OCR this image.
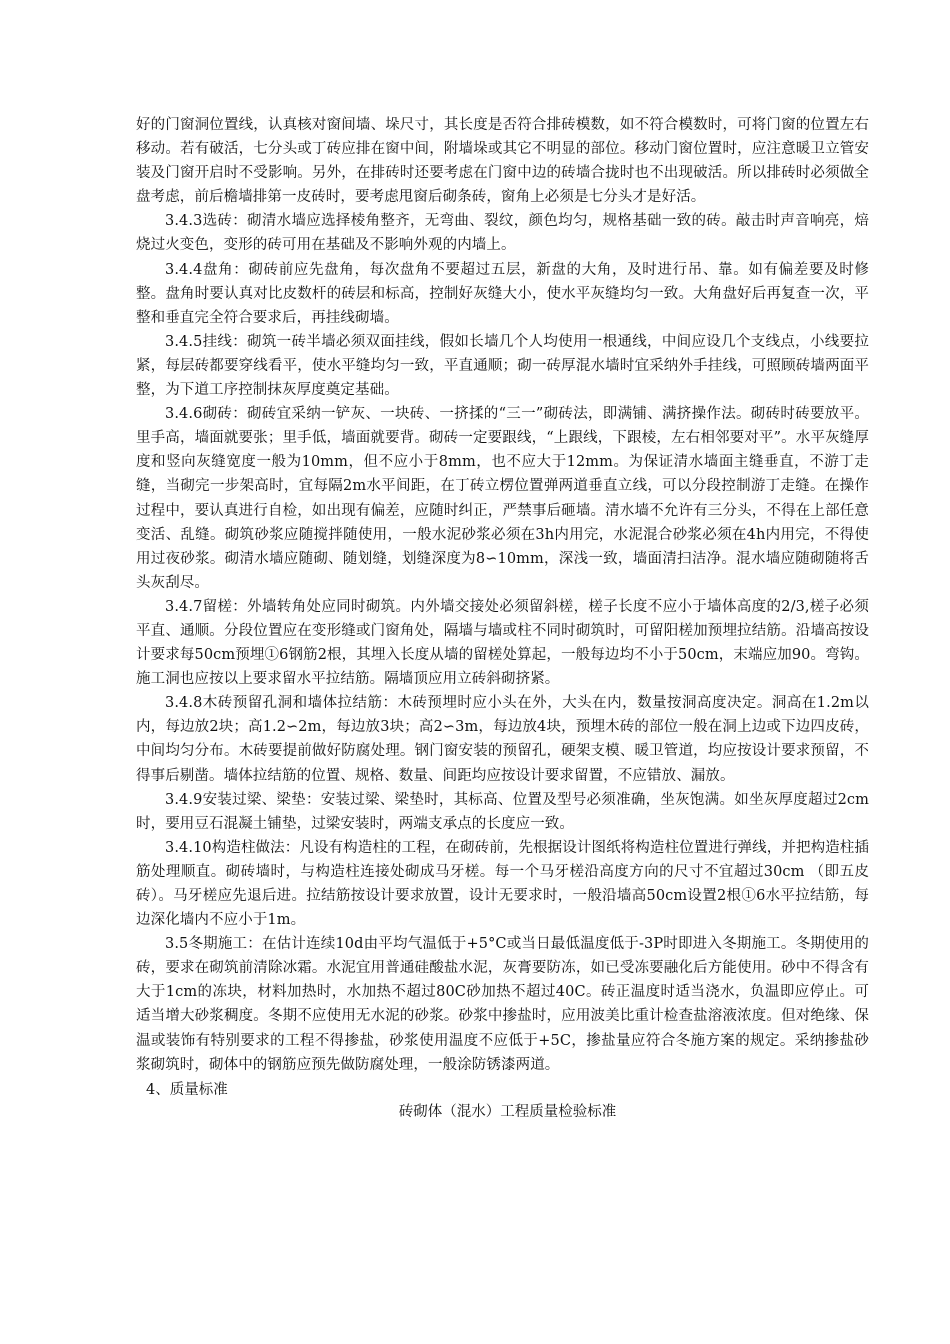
好的门窗洞位置线，认真核对窗间墙、垛尺寸，其长度是否符合排砖模数，如不符合模数时，可将门窗的位置左右移动。若有破活，七分头或丁砖应排在窗中间，附墙垛或其它不明显的部位。移动门窗位置时，应注意暖卫立管安装及门窗开启时不受影响。另外，在排砖时还要考虑在门窗中边的砖墙合拢时也不出现破活。所以排砖时必须做全盘考虑，前后檐墙排第一皮砖时，要考虑甩窗后砌条砖，窗角上必须是七分头才是好活。

3.4.3选砖：砌清水墙应选择棱角整齐，无弯曲、裂纹，颜色均匀，规格基础一致的砖。敲击时声音响亮，焙烧过火变色，变形的砖可用在基础及不影响外观的内墙上。

3.4.4盘角：砌砖前应先盘角，每次盘角不要超过五层，新盘的大角，及时进行吊、靠。如有偏差要及时修整。盘角时要认真对比皮数杆的砖层和标高，控制好灰缝大小，使水平灰缝均匀一致。大角盘好后再复查一次，平整和垂直完全符合要求后，再挂线砌墙。

3.4.5挂线：砌筑一砖半墙必须双面挂线，假如长墙几个人均使用一根通线，中间应设几个支线点，小线要拉紧，每层砖都要穿线看平，使水平缝均匀一致，平直通顺；砌一砖厚混水墙时宜采纳外手挂线，可照顾砖墙两面平整，为下道工序控制抹灰厚度奠定基础。

3.4.6砌砖：砌砖宜采纳一铲灰、一块砖、一挤揉的“三一”砌砖法，即满铺、满挤操作法。砌砖时砖要放平。里手高，墙面就要张；里手低，墙面就要背。砌砖一定要跟线，“上跟线，下跟棱，左右相邻要对平”。水平灰缝厚度和竖向灰缝宽度一般为10mm，但不应小于8mm，也不应大于12mm。为保证清水墙面主缝垂直，不游丁走缝，当砌完一步架高时，宜每隔2m水平间距，在丁砖立楞位置弹两道垂直立线，可以分段控制游丁走缝。在操作过程中，要认真进行自检，如出现有偏差，应随时纠正，严禁事后砸墙。清水墙不允许有三分头，不得在上部任意变活、乱缝。砌筑砂浆应随搅拌随使用，一般水泥砂浆必须在3h内用完，水泥混合砂浆必须在4h内用完，不得使用过夜砂浆。砌清水墙应随砌、随划缝，划缝深度为8∽10mm，深浅一致，墙面清扫洁净。混水墙应随砌随将舌头灰刮尽。

3.4.7留槎：外墙转角处应同时砌筑。内外墙交接处必须留斜槎，槎子长度不应小于墙体高度的2/3,槎子必须平直、通顺。分段位置应在变形缝或门窗角处，隔墙与墙或柱不同时砌筑时，可留阳槎加预埋拉结筋。沿墙高按设计要求每50cm预埋①6钢筋2根，其埋入长度从墙的留槎处算起，一般每边均不小于50cm，末端应加90。弯钩。施工洞也应按以上要求留水平拉结筋。隔墙顶应用立砖斜砌挤紧。

3.4.8木砖预留孔洞和墙体拉结筋：木砖预埋时应小头在外，大头在内，数量按洞高度决定。洞高在1.2m以内，每边放2块；高1.2∽2m，每边放3块；高2∽3m，每边放4块，预埋木砖的部位一般在洞上边或下边四皮砖，中间均匀分布。木砖要提前做好防腐处理。钢门窗安装的预留孔，硬架支模、暖卫管道，均应按设计要求预留，不得事后剔凿。墙体拉结筋的位置、规格、数量、间距均应按设计要求留置，不应错放、漏放。

3.4.9安装过梁、梁垫：安装过梁、梁垫时，其标高、位置及型号必须准确，坐灰饱满。如坐灰厚度超过2cm时，要用豆石混凝土铺垫，过梁安装时，两端支承点的长度应一致。

3.4.10构造柱做法：凡设有构造柱的工程，在砌砖前，先根据设计图纸将构造柱位置进行弹线，并把构造柱插筋处理顺直。砌砖墙时，与构造柱连接处砌成马牙槎。每一个马牙槎沿高度方向的尺寸不宜超过30cm （即五皮砖）。马牙槎应先退后进。拉结筋按设计要求放置，设计无要求时，一般沿墙高50cm设置2根①6水平拉结筋，每边深化墙内不应小于1m。

3.5冬期施工：在估计连续10d由平均气温低于+5°C或当日最低温度低于-3P时即进入冬期施工。冬期使用的砖，要求在砌筑前清除冰霜。水泥宜用普通硅酸盐水泥，灰膏要防冻，如已受冻要融化后方能使用。砂中不得含有大于1cm的冻块，材料加热时，水加热不超过80C砂加热不超过40C。砖正温度时适当浇水，负温即应停止。可适当增大砂浆稠度。冬期不应使用无水泥的砂浆。砂浆中掺盐时，应用波美比重计检查盐溶液浓度。但对绝缘、保温或装饰有特别要求的工程不得掺盐，砂浆使用温度不应低于+5C，掺盐量应符合冬施方案的规定。采纳掺盐砂浆砌筑时，砌体中的钢筋应预先做防腐处理，一般涂防锈漆两道。

4、质量标准

砖砌体（混水）工程质量检验标准
